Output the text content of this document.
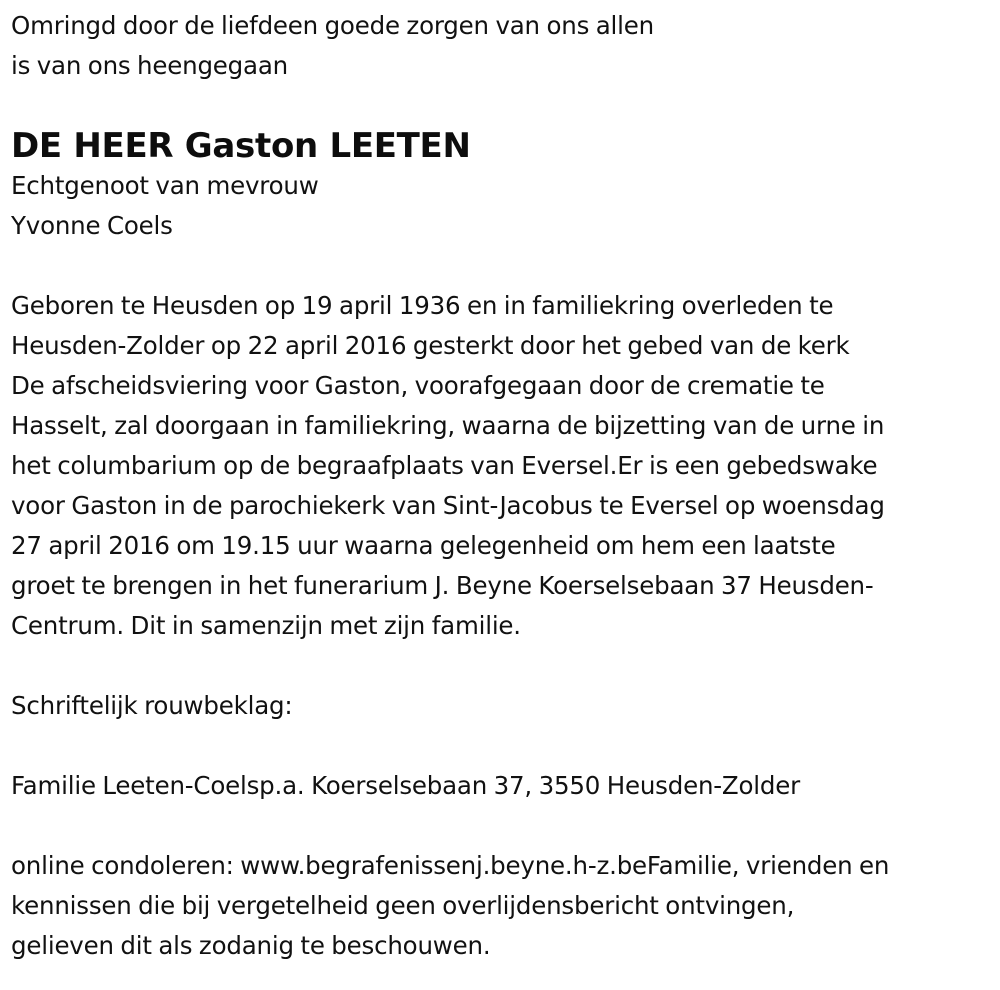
Omringd door de liefdeen goede zorgen van ons allen
is van ons heengegaan
DE HEER Gaston LEETEN
Echtgenoot van mevrouw
Yvonne Coels
Geboren te Heusden op 19 april 1936 en in familiekring overleden te
Heusden-Zolder op 22 april 2016 gesterkt door het gebed van de kerk
De afscheidsviering voor Gaston, voorafgegaan door de crematie te
Hasselt, zal doorgaan in familiekring, waarna de bijzetting van de urne in
het columbarium op de begraafplaats van Eversel.Er is een gebedswake
voor Gaston in de parochiekerk van Sint-Jacobus te Eversel op woensdag
27 april 2016 om 19.15 uur waarna gelegenheid om hem een laatste
groet te brengen in het funerarium J. Beyne Koerselsebaan 37 Heusden-
Centrum. Dit in samenzijn met zijn familie.
Schriftelijk rouwbeklag:
Familie Leeten-Coelsp.a. Koerselsebaan 37, 3550 Heusden-Zolder
online condoleren: www.begrafenissenj.beyne.h-z.beFamilie, vrienden en
kennissen die bij vergetelheid geen overlijdensbericht ontvingen,
gelieven dit als zodanig te beschouwen.
